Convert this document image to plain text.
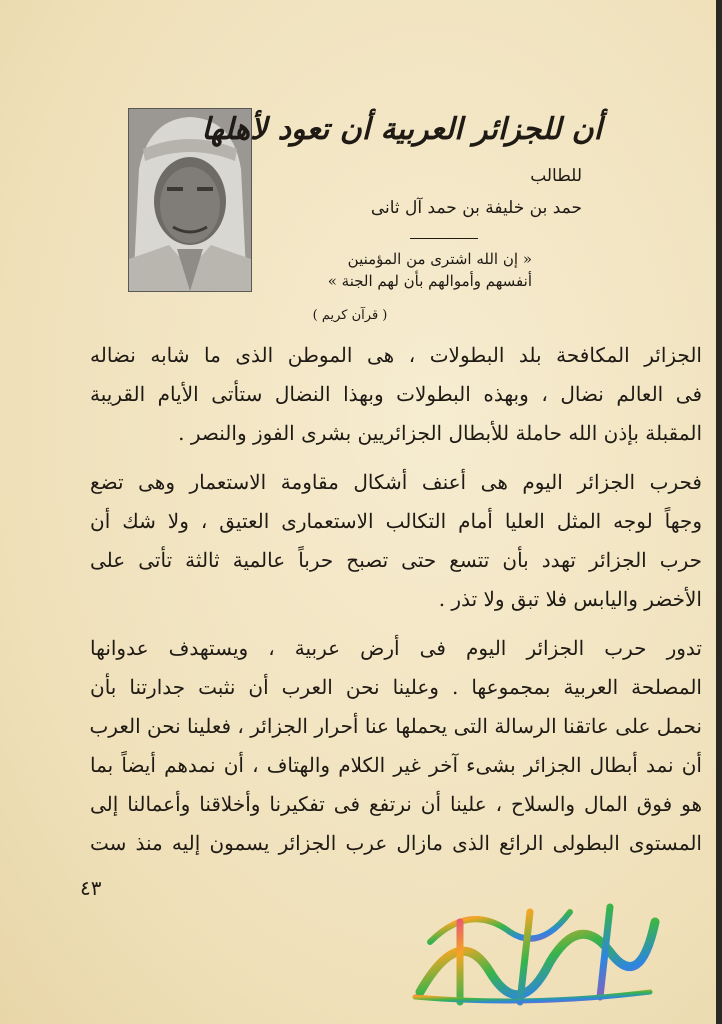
أن للجزائر العربية أن تعود لأهلها
للطالب
حمد بن خليفة بن حمد آل ثانى
« إن الله اشترى من المؤمنين
أنفسهم وأموالهم بأن لهم الجنة »
( قرآن كريم )
الجزائر المكافحة بلد البطولات ، هى الموطن الذى ما شابه نضاله
فى العالم نضال ، وبهذه البطولات وبهذا النضال ستأتى الأيام القريبة
المقبلة بإذن الله حاملة للأبطال الجزائريين بشرى الفوز والنصر .
فحرب الجزائر اليوم هى أعنف أشكال مقاومة الاستعمار وهى تضع
وجهاً لوجه المثل العليا أمام التكالب الاستعمارى العتيق ، ولا شك أن
حرب الجزائر تهدد بأن تتسع حتى تصبح حرباً عالمية ثالثة تأتى على
الأخضر واليابس فلا تبق ولا تذر .
تدور حرب الجزائر اليوم فى أرض عربية ، ويستهدف عدوانها
المصلحة العربية بمجموعها . وعلينا نحن العرب أن نثبت جدارتنا بأن
نحمل على عاتقنا الرسالة التى يحملها عنا أحرار الجزائر ، فعلينا نحن العرب
أن نمد أبطال الجزائر بشىء آخر غير الكلام والهتاف ، أن نمدهم أيضاً بما
هو فوق المال والسلاح ، علينا أن نرتفع فى تفكيرنا وأخلاقنا وأعمالنا إلى
المستوى البطولى الرائع الذى مازال عرب الجزائر يسمون إليه منذ ست
٤٣
